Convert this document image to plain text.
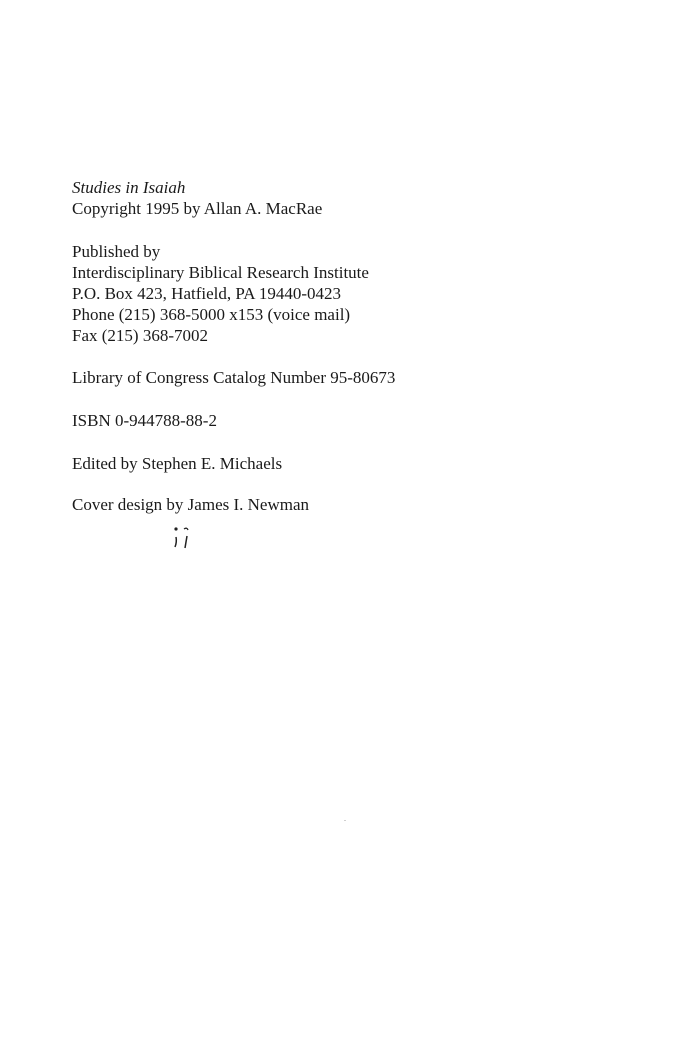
Studies in Isaiah
Copyright 1995 by Allan A. MacRae
Published by
Interdisciplinary Biblical Research Institute
P.O. Box 423, Hatfield, PA 19440-0423
Phone (215) 368-5000 x153 (voice mail)
Fax (215) 368-7002
Library of Congress Catalog Number 95-80673
ISBN 0-944788-88-2
Edited by Stephen E. Michaels
Cover design by James I. Newman
